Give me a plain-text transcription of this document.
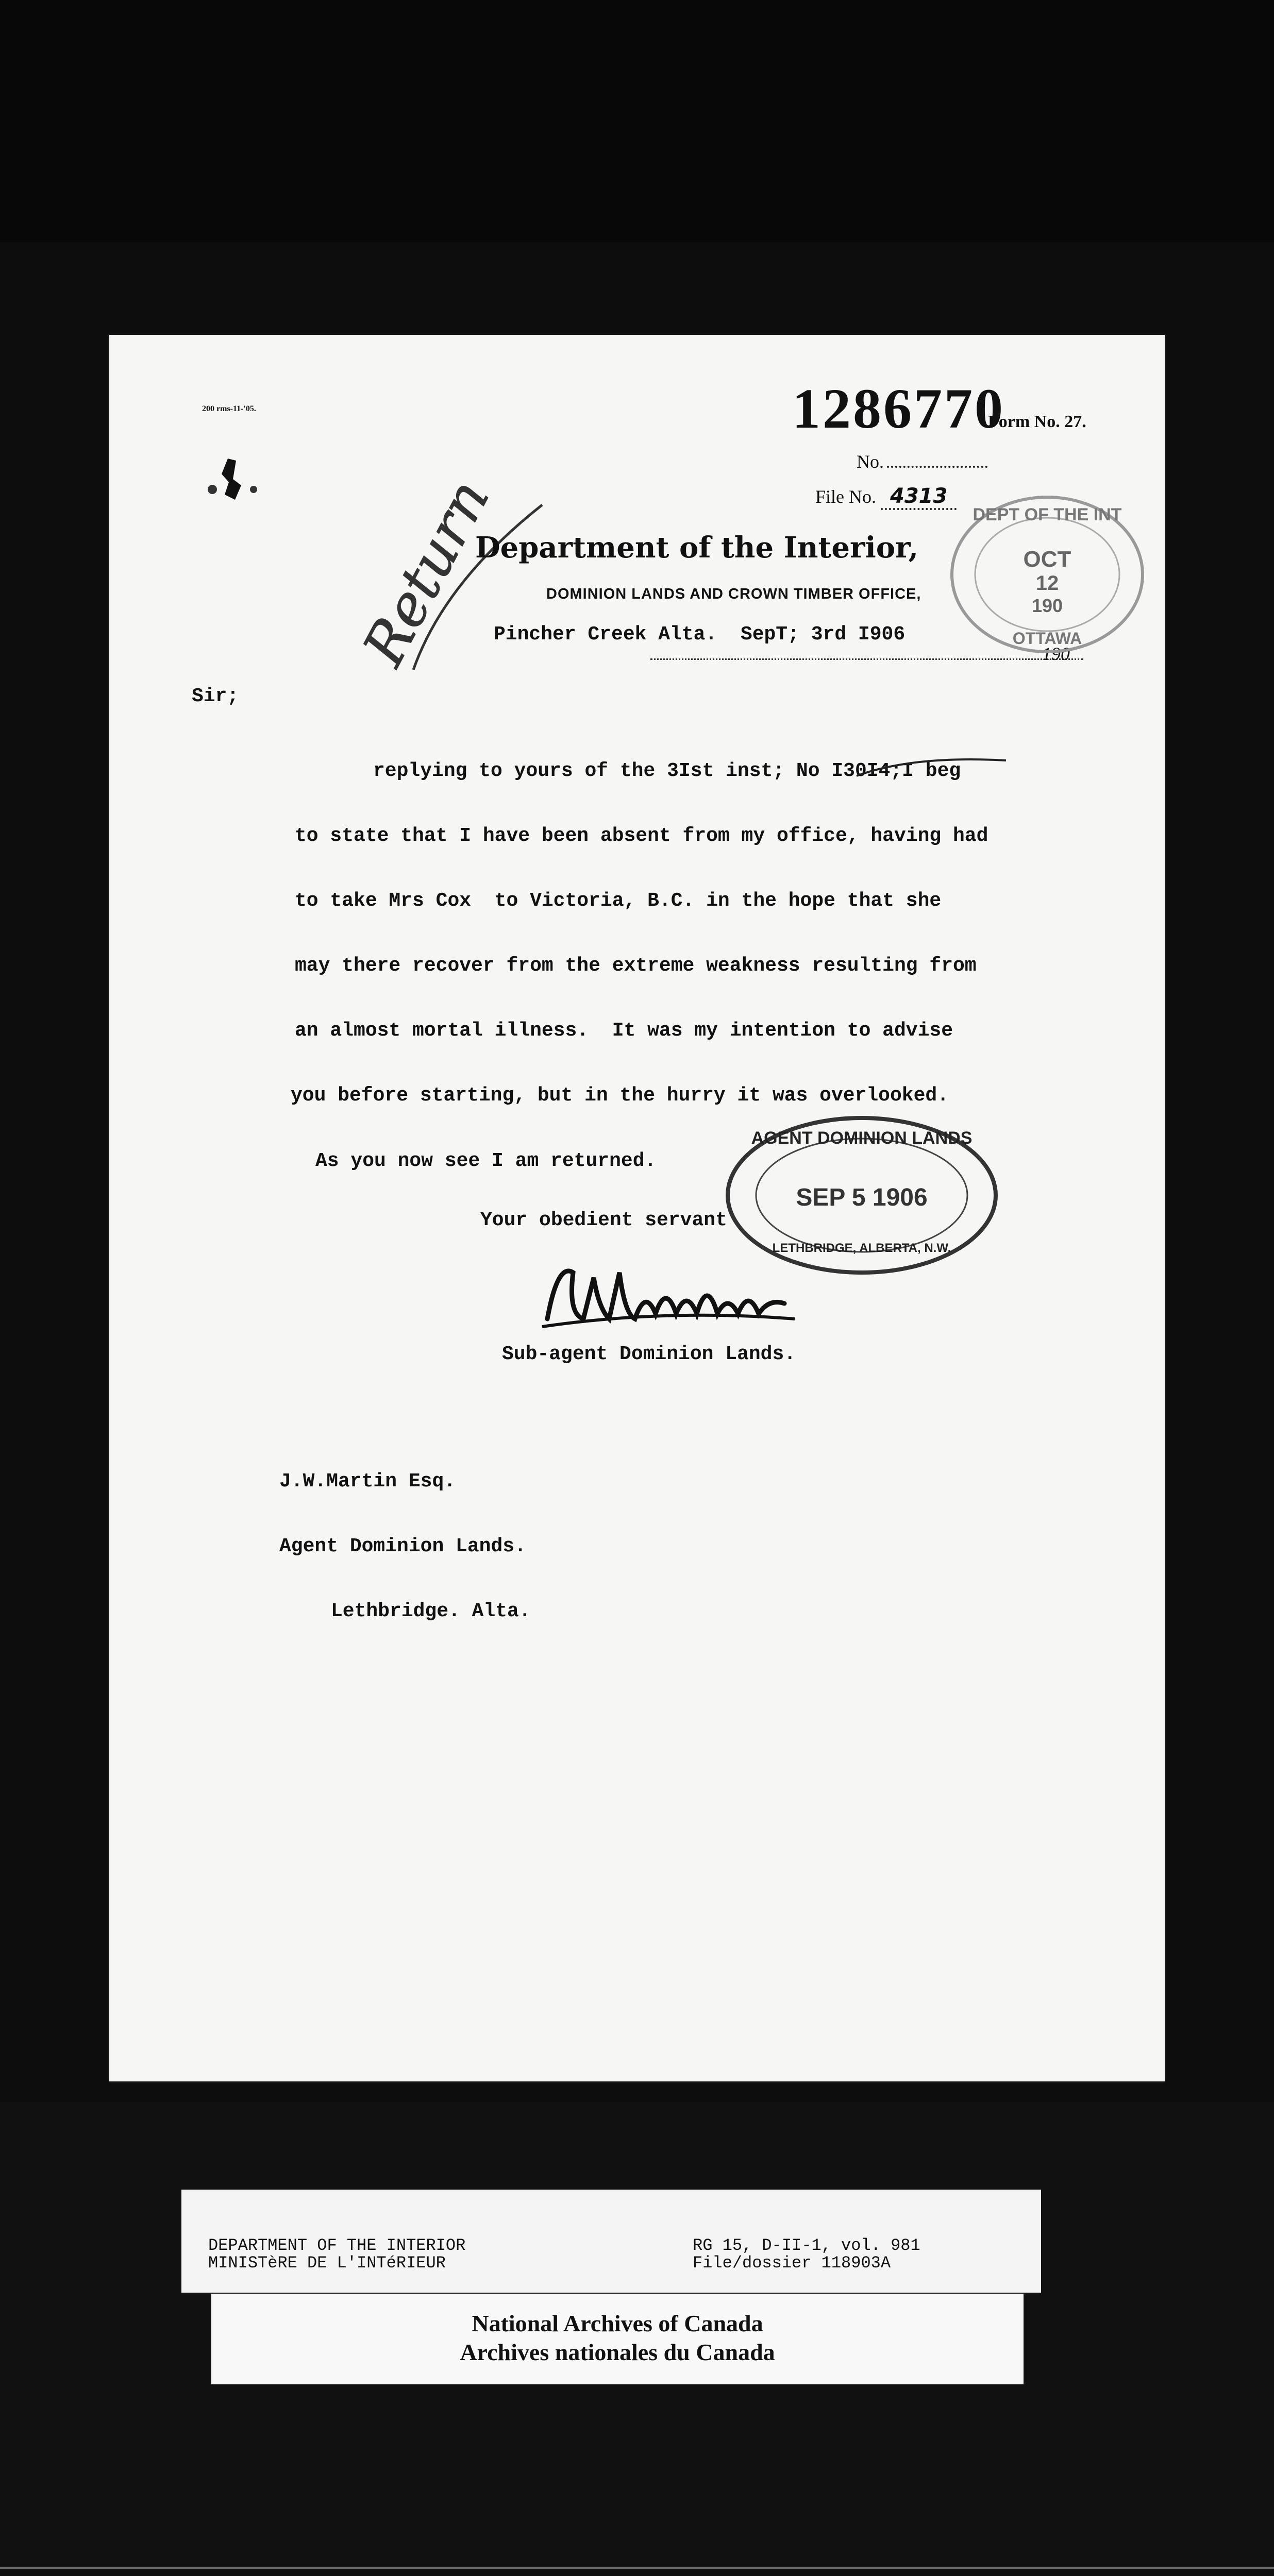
200 rms-11-'05.	1286770
Form No. 27.
No.
File No. 4313
Return
Department of the Interior,
DOMINION LANDS AND CROWN TIMBER OFFICE,
Pincher Creek Alta. SepT; 3rd I906
190
DEPT OF THE INT
OCT
12
190
OTTAWA
Sir;
replying to yours of the 3Ist inst; No I30I4;I beg
to state that I have been absent from my office, having had
to take Mrs Cox  to Victoria, B.C. in the hope that she
may there recover from the extreme weakness resulting from
an almost mortal illness.  It was my intention to advise
you before starting, but in the hurry it was overlooked.
As you now see I am returned.
AGENT DOMINION LANDS
SEP 5 1906
LETHBRIDGE, ALBERTA, N.W.
Your obedient servant
Sub-agent Dominion Lands.
J.W.Martin Esq.
Agent Dominion Lands.
Lethbridge. Alta.
DEPARTMENT OF THE INTERIOR
MINISTèRE DE L'INTéRIEUR
RG 15, D-II-1, vol. 981
File/dossier 118903A
National Archives of Canada
Archives nationales du Canada
